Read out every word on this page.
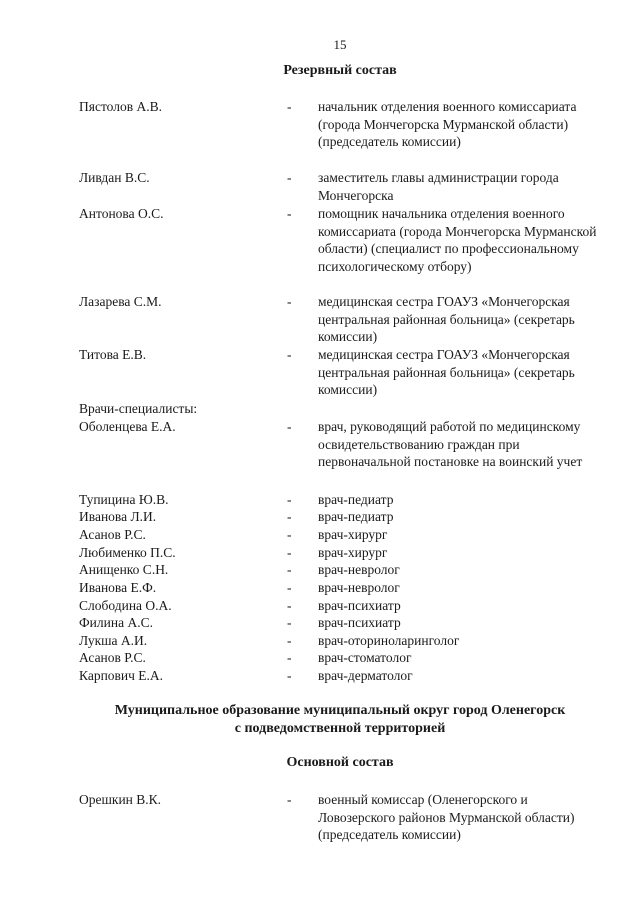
15
Резервный состав
Пястолов А.В.	- начальник отделения военного комиссариата (города Мончегорска Мурманской области) (председатель комиссии)
Ливдан В.С.	- заместитель главы администрации города Мончегорска
Антонова О.С.	- помощник начальника отделения военного комиссариата (города Мончегорска Мурманской области) (специалист по профессиональному психологическому отбору)
Лазарева С.М.	- медицинская сестра ГОАУЗ «Мончегорская центральная районная больница» (секретарь комиссии)
Титова Е.В.	- медицинская сестра ГОАУЗ «Мончегорская центральная районная больница» (секретарь комиссии)
Врачи-специалисты:
Оболенцева Е.А.	- врач, руководящий работой по медицинскому освидетельствованию граждан при первоначальной постановке на воинский учет
Тупицина Ю.В.	- врач-педиатр
Иванова Л.И.	- врач-педиатр
Асанов Р.С.	- врач-хирург
Любименко П.С.	- врач-хирург
Анищенко С.Н.	- врач-невролог
Иванова Е.Ф.	- врач-невролог
Слободина О.А.	- врач-психиатр
Филина А.С.	- врач-психиатр
Лукша А.И.	- врач-оториноларинголог
Асанов Р.С.	- врач-стоматолог
Карпович Е.А.	- врач-дерматолог
Муниципальное образование муниципальный округ город Оленегорск
с подведомственной территорией
Основной состав
Орешкин В.К.	- военный комиссар (Оленегорского и Ловозерского районов Мурманской области) (председатель комиссии)
